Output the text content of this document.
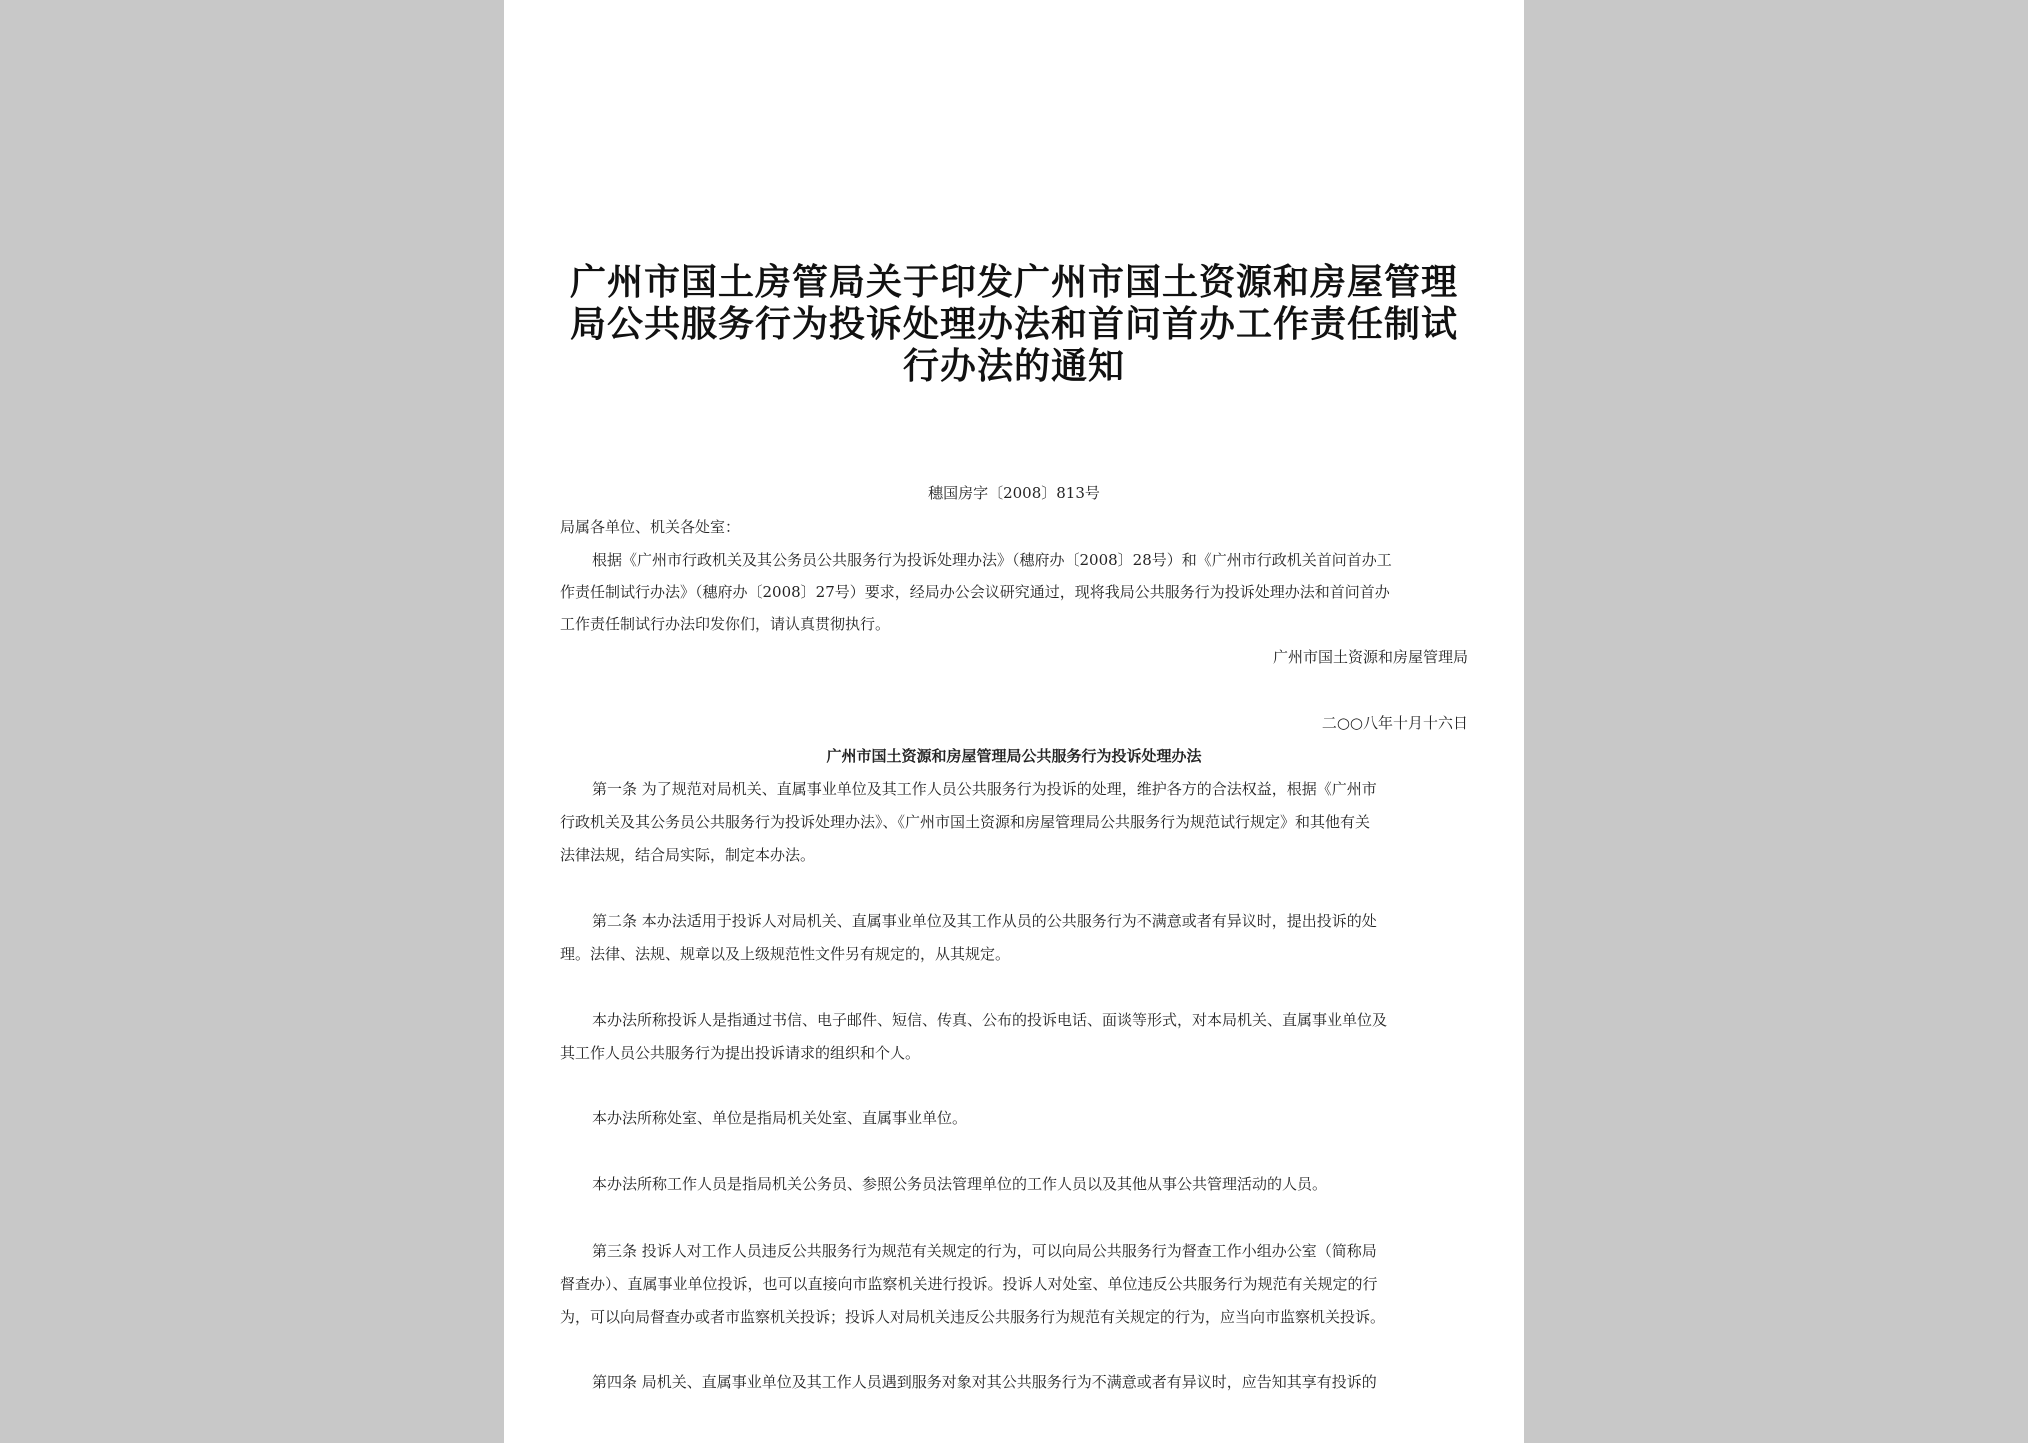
广州市国土房管局关于印发广州市国土资源和房屋管理
局公共服务行为投诉处理办法和首问首办工作责任制试
行办法的通知
穗国房字〔2008〕813号
局属各单位、机关各处室：
根据《广州市行政机关及其公务员公共服务行为投诉处理办法》（穗府办〔2008〕28号）和《广州市行政机关首问首办工
作责任制试行办法》（穗府办〔2008〕27号）要求，经局办公会议研究通过，现将我局公共服务行为投诉处理办法和首问首办
工作责任制试行办法印发你们，请认真贯彻执行。
广州市国土资源和房屋管理局
二○○八年十月十六日
广州市国土资源和房屋管理局公共服务行为投诉处理办法
第一条 为了规范对局机关、直属事业单位及其工作人员公共服务行为投诉的处理，维护各方的合法权益，根据《广州市
行政机关及其公务员公共服务行为投诉处理办法》、《广州市国土资源和房屋管理局公共服务行为规范试行规定》和其他有关
法律法规，结合局实际，制定本办法。
第二条 本办法适用于投诉人对局机关、直属事业单位及其工作从员的公共服务行为不满意或者有异议时，提出投诉的处
理。法律、法规、规章以及上级规范性文件另有规定的，从其规定。
本办法所称投诉人是指通过书信、电子邮件、短信、传真、公布的投诉电话、面谈等形式，对本局机关、直属事业单位及
其工作人员公共服务行为提出投诉请求的组织和个人。
本办法所称处室、单位是指局机关处室、直属事业单位。
本办法所称工作人员是指局机关公务员、参照公务员法管理单位的工作人员以及其他从事公共管理活动的人员。
第三条 投诉人对工作人员违反公共服务行为规范有关规定的行为，可以向局公共服务行为督查工作小组办公室（简称局
督查办）、直属事业单位投诉，也可以直接向市监察机关进行投诉。投诉人对处室、单位违反公共服务行为规范有关规定的行
为，可以向局督查办或者市监察机关投诉；投诉人对局机关违反公共服务行为规范有关规定的行为，应当向市监察机关投诉。
第四条 局机关、直属事业单位及其工作人员遇到服务对象对其公共服务行为不满意或者有异议时，应告知其享有投诉的
